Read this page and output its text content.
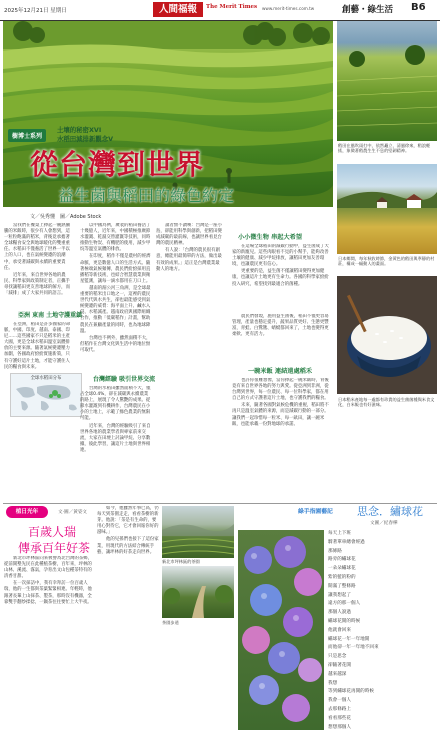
2025年12月21日 星期日	人間福報	The Merit Times www.merit-times.com.tw	創藝・綠生活 B6
樹博士系列
土壤的秘密XVI
水稻田減排新觀念V
從台灣到世界
益生菌與稻田的綠色約定
文／吳秀懂　圖／Adobe Stock

當我們在餐桌上捧起一碗熱騰騰的米飯時，很少有人會想到，這一粒粒飽滿的稻米，背後竟承擔著全球糧食安全與地球暖化的雙重重任。水稻田不僅養活了世界一半以上的人口，也在氣候變遷的浪潮中，承受著減碳與永續的重要責任。

近年來，來自世界各地的農民、科學家與政策制定者，正攜手尋找讓稻田更友善地球的解方，而「減排」成了大家共同的語言。

亞洲 東南 土地守護重鎮

在亞洲，稻田是許多國家的命脈，中國、印度、越南、泰國、印尼……這些國家不只是稻米的主產大國，更是全球水稻田溫室氣體排放的主要來源。隨著氣候變遷壓力加劇，各國政府紛紛實施新策，只有守護好這片土地，才能守護住人民的糧食與未來。

全球水稻田分布

以中國為例，廣袤的稻田養活了十幾億人，近年來，中國積極推廣節水灌溉、乾濕交替灌溉等技術，同時推動生物炭、有機肥的使用，減少甲烷等溫室氣體的排放。

在印度，稻作不僅是農村的經濟命脈，更是數億人口的生活方式。隨著極端氣候頻傳，農民們紛紛採用直播稻等新技術，也結合智慧農業與衛星監測，讓每一滴水都用在刀口上。

越南的湄公河三角洲，是全球最重要的稻米出口地之一，這裡的農民世代代與水共生，卻也最能感受到氣候變遷的威脅：海平面上升、鹹水入侵、水稻減產。越南政府與國際組織合作，推動「低碳稻作」計畫，幫助農民在兼顧產量的同時，也為地球降溫。

台灣也不例外，雖然面積不大，但稻作在台灣文化與生活中的地位無可取代。

台灣經驗 吸引世界交流

台灣的水稻田雖然面積不大，僅占全球0.4%，卻在減碳與永續農業的路上，展現了令人驚艷的成果。從節水灌溉到有機耕作，台灣農民在小小的土地上，示範了綠色農業的無限可能。

近年來，台灣的經驗吸引了來自世界各地的農業學者與專家前來交流，大家在田埂上討論甲烷、分享數據，彼此學習，讓這片土地與世界相連。

讀者無不讚嘆：台灣是一座小島，卻能用科學與創新，把稻田變成減碳的最前線，也讓世界看見台灣的農民精神。

有人說：「台灣的農民很有創意，總能用最簡單的方法，做出最有效的成果。」這正是台灣農業最動人的地方。

小小微生物 串起大希望

在這場全球稻田的減碳行動中，益生菌成了大家的新寵兒。這些肉眼看不見的小幫手，能夠改善土壤的健康、減少甲烷排放，讓稻田更加友善環境，也讓農民更有信心。

更重要的是，益生菌不僅讓稻田變得更加健康，也讓這片土地更有生命力。各國的科學家紛紛投入研究，希望找到最適合的菌種。

農民們發現，施用益生菌後，稻田不僅更容易管理，產量也穩定提升，蔬果品質更好、生態更豐富，青蛙、白鷺鷥、蜻蜓都回來了，土地也變得更柔軟、更有活力。

一碗米飯 連結遠處稻禾

也許你很難想像，當你捧起一碗米飯時，背後竟有來自世界各地的努力與愛。從亞洲到非洲，從台灣到世界，每一位農民、每一位科學家，都在用自己的方式守護著這片土地，也守護我們的糧食。

未來，隨著各國對氣候危機的重視，稻田將不再只是溫室氣體的來源，而是減碳行動的一部分。讓我們一起珍惜每一粒米、每一畝田，讓一碗米飯，也能承載一份對地球的承諾。

稻田在風吹雨打中，依然矗立，清風徐來，稻浪輕搖，象徵著稻農生生不息的堅韌精神。
日本鄉間，每年秋收時節，金黃色的稻田與寧靜的村莊，構成一幅動人的畫面。
日本稻米產地每一處都有珍貴的益生菌菌種與米食文化，白米飯也有好滋味。
植日光年	文·圖／黃姿文
百歲人瑞
傳承百年好茶

新北市坪林區向來被譽為北台灣的茶鄉，從前開墾先民在此種植茶樹，百年來，坪林的山林、溪流、霧氣，孕育出文山包種茶特有的清香甘甜。

在一次採訪中，我有幸拜訪一位百歲人瑞，他的一生都與茶葉緊緊相連。年輕時，他跟著長輩上山採茶、製茶，那時沒有機器，全靠雙手翻炒揉捻，一鍋茶往往要忙上大半夜。

如今，他雖然年事已高，仍每天到茶園走走，看看茶樹的新芽。他說：「茶是有生命的，要用心對待它，它才會回報你好的滋味。」

他的兒孫們也接下了這份家業，用現代的方法結合傳統手藝，讓坪林的好茶走向世界。

新北市坪林區的茶園
茶園步道
綠手指園藝記 思念．繡球花
文圖／紀春樺
每天上下班
騎著單車總會經過
那條路
路旁的繡球花
一朵朵繡球花
紫的藍的粉的
開滿了整條路
讓我想起了
遠方的那一個人
那個人說過
繡球花開的時候
他就會回來
繡球花一年一年地開
而他卻一年一年地不回來
只是思念
卻隨著花開
越來越深
我想
等到繡球花再開的時候
我會一個人
去那條路上
看看那些花
想想那個人
